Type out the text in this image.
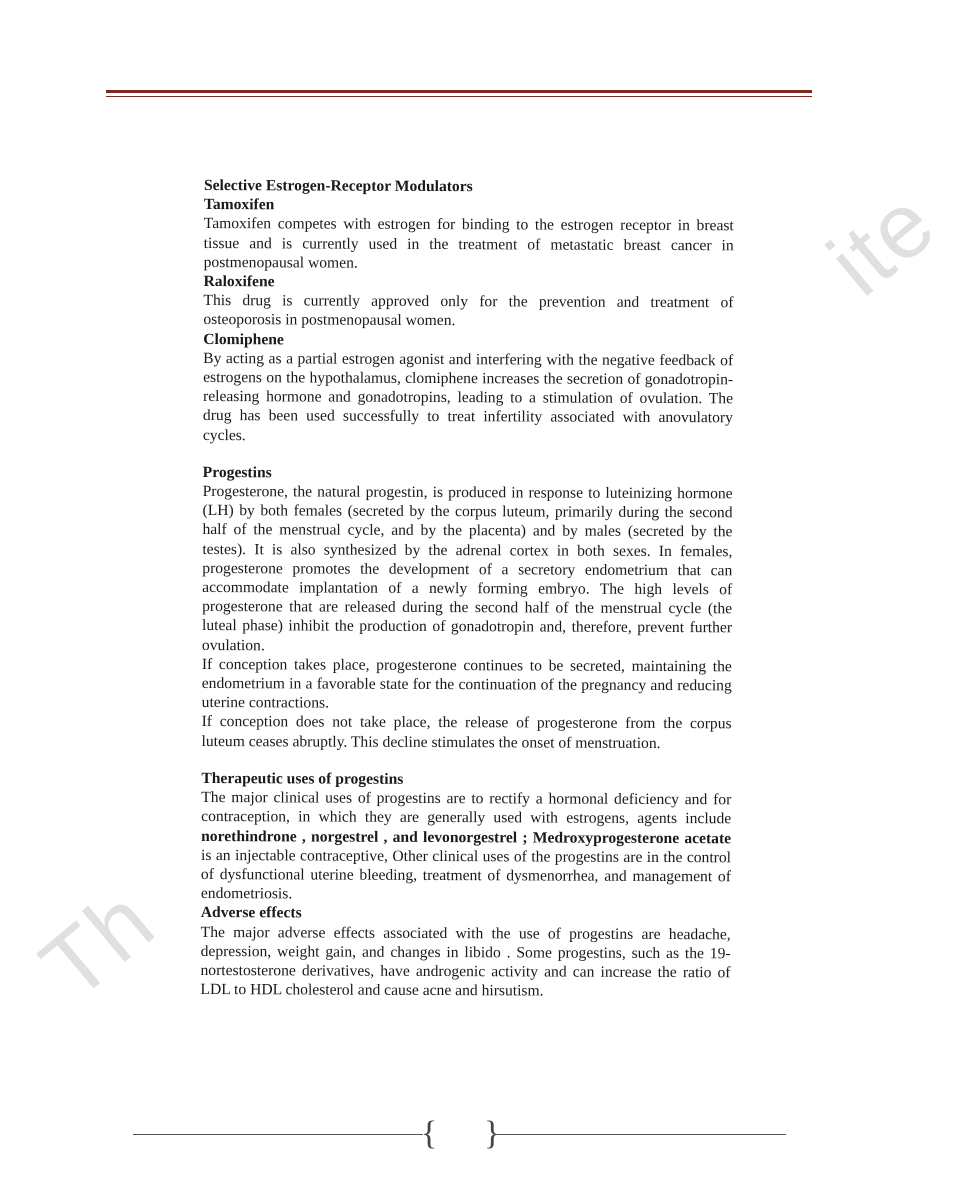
ite
Th
Selective Estrogen-Receptor Modulators
Tamoxifen

Tamoxifen competes with estrogen for binding to the estrogen receptor in breast tissue and is currently used in the treatment of metastatic breast cancer in postmenopausal women.

Raloxifene

This drug is currently approved only for the prevention and treatment of osteoporosis in postmenopausal women.

Clomiphene

By acting as a partial estrogen agonist and interfering with the negative feedback of estrogens on the hypothalamus, clomiphene increases the secretion of gonadotropin-releasing hormone and gonadotropins, leading to a stimulation of ovulation. The drug has been used successfully to treat infertility associated with anovulatory cycles.

Progestins

Progesterone, the natural progestin, is produced in response to luteinizing hormone (LH) by both females (secreted by the corpus luteum, primarily during the second half of the menstrual cycle, and by the placenta) and by males (secreted by the testes). It is also synthesized by the adrenal cortex in both sexes. In females, progesterone promotes the development of a secretory endometrium that can accommodate implantation of a newly forming embryo. The high levels of progesterone that are released during the second half of the menstrual cycle (the luteal phase) inhibit the production of gonadotropin and, therefore, prevent further ovulation.

If conception takes place, progesterone continues to be secreted, maintaining the endometrium in a favorable state for the continuation of the pregnancy and reducing uterine contractions.

If conception does not take place, the release of progesterone from the corpus luteum ceases abruptly. This decline stimulates the onset of menstruation.

Therapeutic uses of progestins

The major clinical uses of progestins are to rectify a hormonal deficiency and for contraception, in which they are generally used with estrogens, agents include norethindrone , norgestrel , and levonorgestrel ; Medroxyprogesterone acetate is an injectable contraceptive, Other clinical uses of the progestins are in the control of dysfunctional uterine bleeding, treatment of dysmenorrhea, and management of endometriosis.

Adverse effects

The major adverse effects associated with the use of progestins are headache, depression, weight gain, and changes in libido . Some progestins, such as the 19-nortestosterone derivatives, have androgenic activity and can increase the ratio of LDL to HDL cholesterol and cause acne and hirsutism.

{ }
